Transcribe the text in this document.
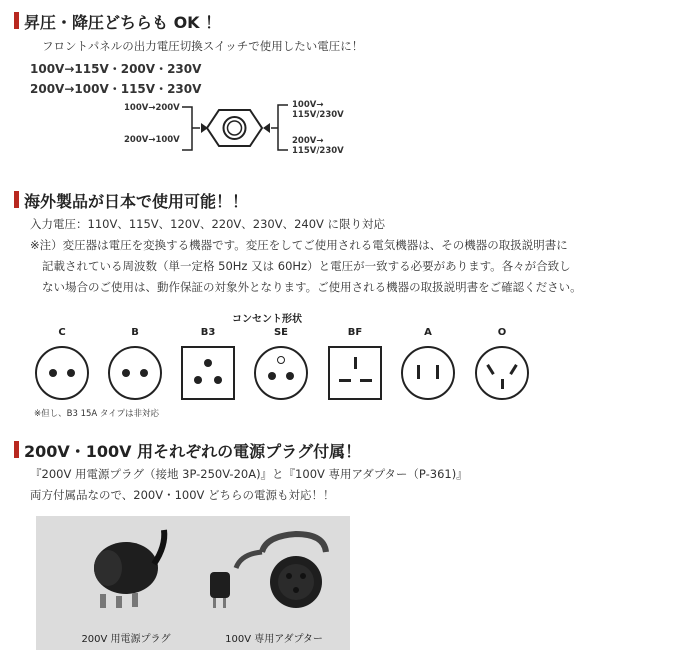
昇圧・降圧どちらも OK ！
フロントパネルの出力電圧切換スイッチで使用したい電圧に！
100V→115V・200V・230V
200V→100V・115V・230V
100V→200V
200V→100V
100V→
115V/230V
200V→
115V/230V
海外製品が日本で使用可能！！
入力電圧：110V、115V、120V、220V、230V、240V に限り対応
※注）変圧器は電圧を変換する機器です。変圧をしてご使用される電気機器は、その機器の取扱説明書に
記載されている周波数（単一定格 50Hz 又は 60Hz）と電圧が一致する必要があります。各々が合致し
ない場合のご使用は、動作保証の対象外となります。ご使用される機器の取扱説明書をご確認ください。
コンセント形状
C	B	B3	SE	BF	A	O
※但し、B3 15A タイプは非対応
200V・100V 用それぞれの電源プラグ付属！
『200V 用電源プラグ（接地 3P-250V-20A)』と『100V 専用アダプター（P-361)』
両方付属品なので、200V・100V どちらの電源も対応！！
200V 用電源プラグ	100V 専用アダプター
